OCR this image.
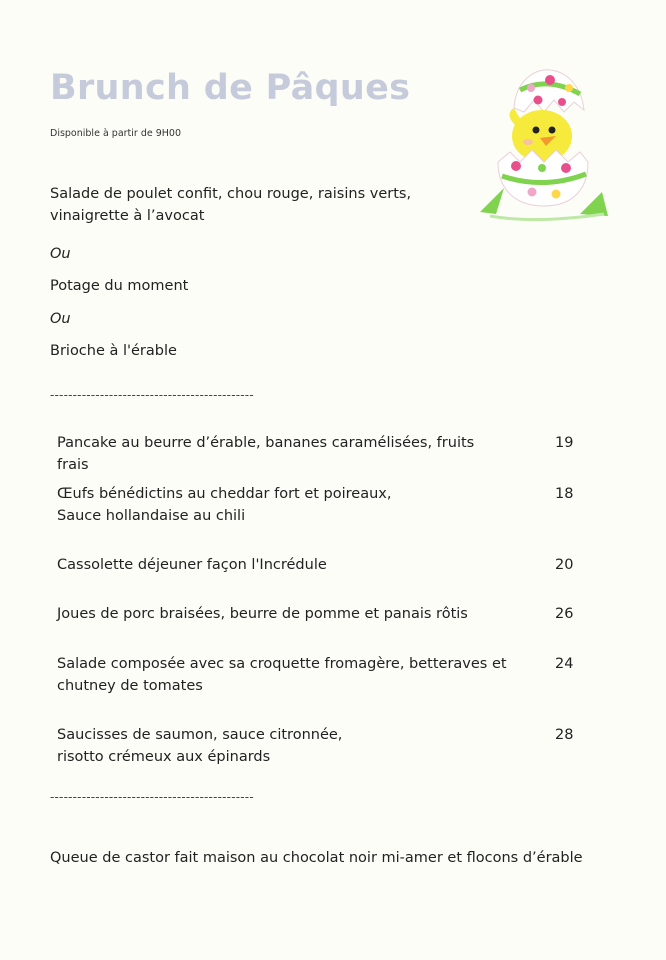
Brunch de Pâques

Disponible à partir de 9H00

Salade de poulet confit, chou rouge, raisins verts,

vinaigrette à l’avocat

Ou

Potage du moment

Ou

Brioche à l'érable

---------------------------------------------
Pancake au beurre d’érable, bananes caramélisées, fruits frais
19
Œufs bénédictins au cheddar fort et poireaux,
Sauce hollandaise au chili
18
Cassolette déjeuner façon l'Incrédule	20
Joues de porc braisées, beurre de pomme et panais rôtis	26
Salade composée avec sa croquette fromagère, betteraves et
chutney de tomates
24
Saucisses de saumon, sauce citronnée,
risotto crémeux aux épinards
28
---------------------------------------------

Queue de castor fait maison au chocolat noir mi-amer et flocons d’érable
